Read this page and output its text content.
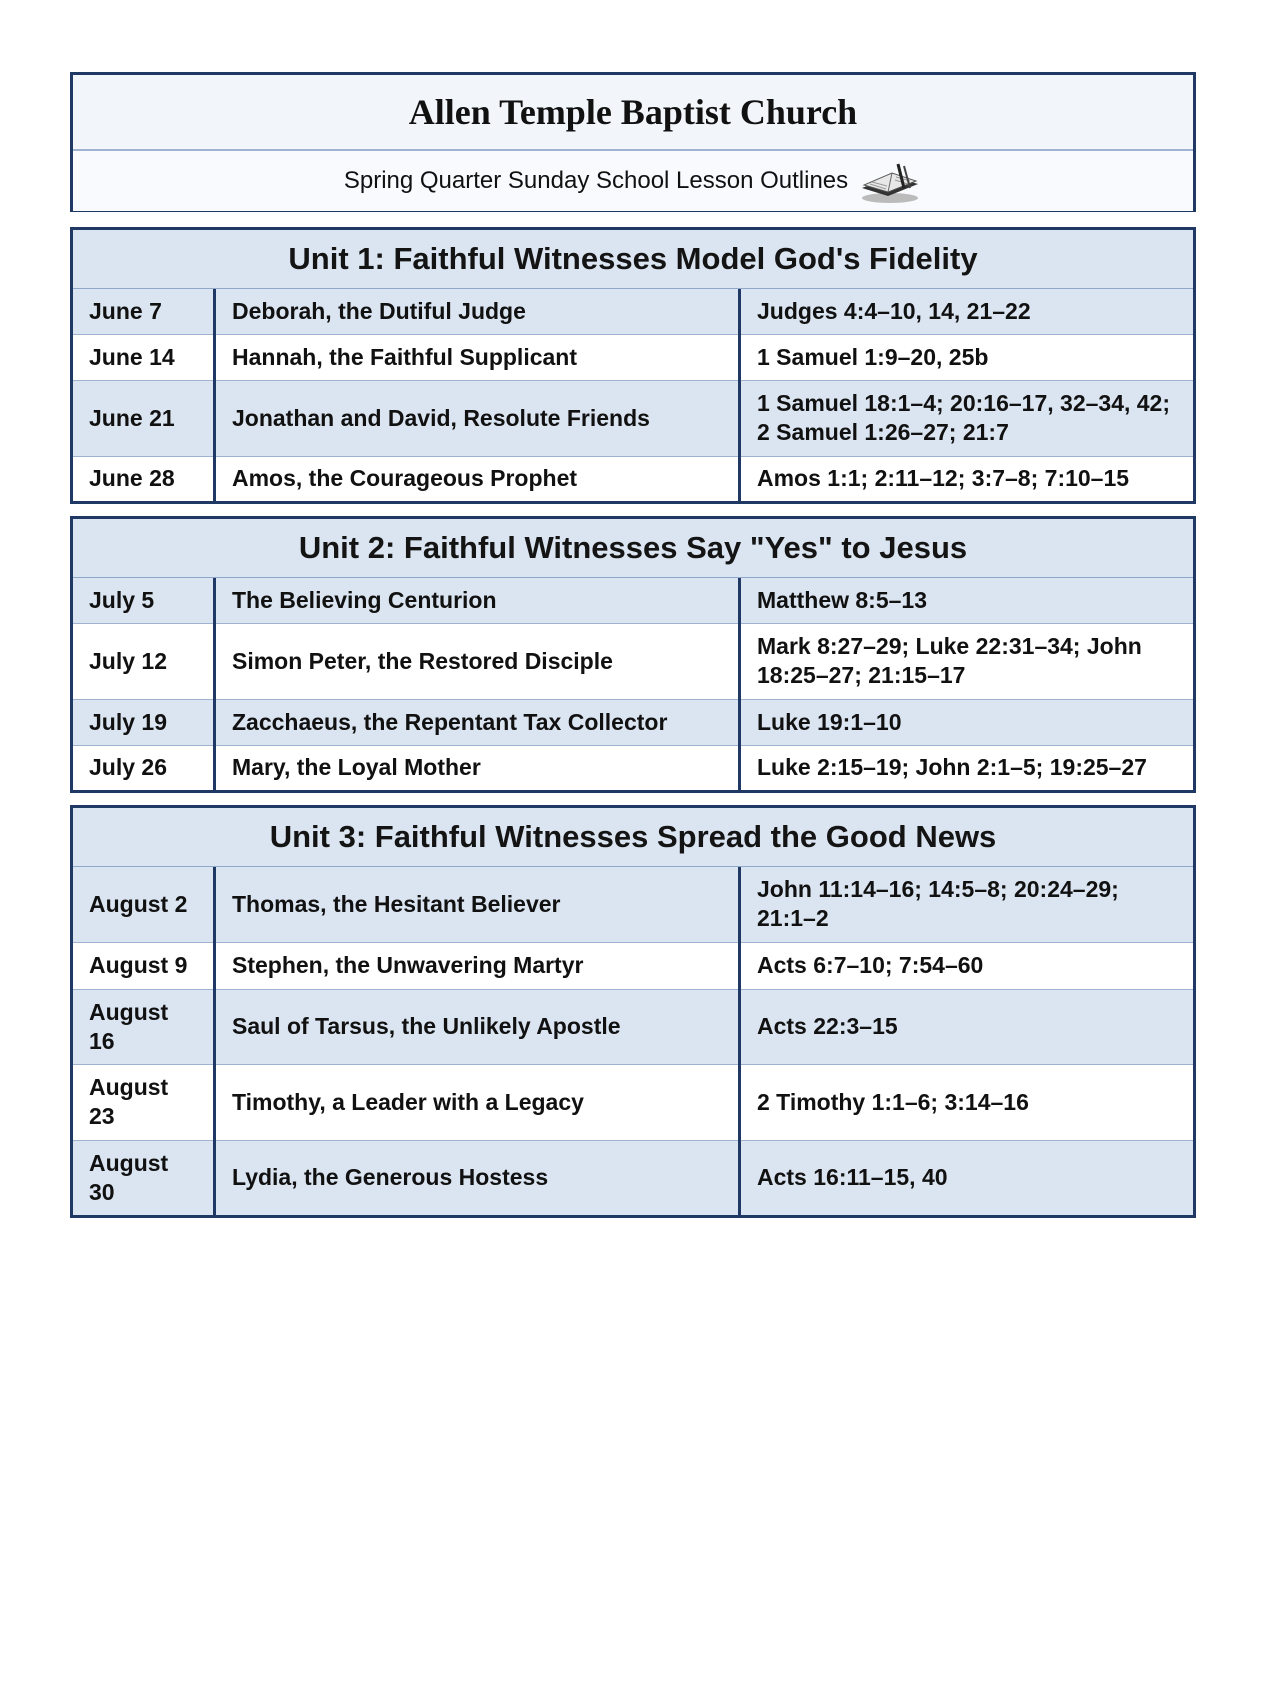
Allen Temple Baptist Church
Spring Quarter Sunday School Lesson Outlines
Unit 1: Faithful Witnesses Model God's Fidelity
June 7	Deborah, the Dutiful Judge	Judges 4:4–10, 14, 21–22
June 14	Hannah, the Faithful Supplicant	1 Samuel 1:9–20, 25b
June 21	Jonathan and David, Resolute Friends	1 Samuel 18:1–4; 20:16–17, 32–34, 42; 2 Samuel 1:26–27; 21:7
June 28	Amos, the Courageous Prophet	Amos 1:1; 2:11–12; 3:7–8; 7:10–15
Unit 2: Faithful Witnesses Say "Yes" to Jesus
July 5	The Believing Centurion	Matthew 8:5–13
July 12	Simon Peter, the Restored Disciple	Mark 8:27–29; Luke 22:31–34; John 18:25–27; 21:15–17
July 19	Zacchaeus, the Repentant Tax Collector	Luke 19:1–10
July 26	Mary, the Loyal Mother	Luke 2:15–19; John 2:1–5; 19:25–27
Unit 3: Faithful Witnesses Spread the Good News
August 2	Thomas, the Hesitant Believer	John 11:14–16; 14:5–8; 20:24–29; 21:1–2
August 9	Stephen, the Unwavering Martyr	Acts 6:7–10; 7:54–60
August 16	Saul of Tarsus, the Unlikely Apostle	Acts 22:3–15
August 23	Timothy, a Leader with a Legacy	2 Timothy 1:1–6; 3:14–16
August 30	Lydia, the Generous Hostess	Acts 16:11–15, 40
